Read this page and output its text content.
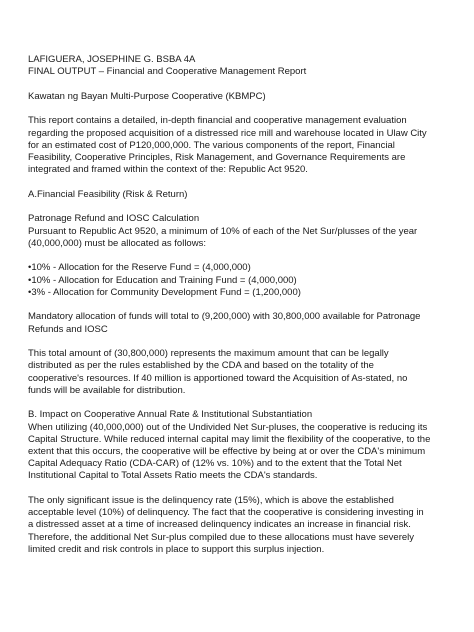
LAFIGUERA, JOSEPHINE G. BSBA 4A
FINAL OUTPUT – Financial and Cooperative Management Report
Kawatan ng Bayan Multi-Purpose Cooperative (KBMPC)
This report contains a detailed, in-depth financial and cooperative management evaluation
regarding the proposed acquisition of a distressed rice mill and warehouse located in Ulaw City
for an estimated cost of P120,000,000. The various components of the report, Financial
Feasibility, Cooperative Principles, Risk Management, and Governance Requirements are
integrated and framed within the context of the: Republic Act 9520.
A.Financial Feasibility (Risk & Return)
Patronage Refund and IOSC Calculation
Pursuant to Republic Act 9520, a minimum of 10% of each of the Net Sur/plusses of the year
(40,000,000) must be allocated as follows:
•10% - Allocation for the Reserve Fund = (4,000,000)
•10% - Allocation for Education and Training Fund = (4,000,000)
•3% - Allocation for Community Development Fund = (1,200,000)
Mandatory allocation of funds will total to (9,200,000) with 30,800,000 available for Patronage
Refunds and IOSC
This total amount of (30,800,000) represents the maximum amount that can be legally
distributed as per the rules established by the CDA and based on the totality of the
cooperative's resources. If 40 million is apportioned toward the Acquisition of As-stated, no
funds will be available for distribution.
B. Impact on Cooperative Annual Rate & Institutional Substantiation
When utilizing (40,000,000) out of the Undivided Net Sur-pluses, the cooperative is reducing its
Capital Structure. While reduced internal capital may limit the flexibility of the cooperative, to the
extent that this occurs, the cooperative will be effective by being at or over the CDA's minimum
Capital Adequacy Ratio (CDA-CAR) of (12% vs. 10%) and to the extent that the Total Net
Institutional Capital to Total Assets Ratio meets the CDA's standards.
The only significant issue is the delinquency rate (15%), which is above the established
acceptable level (10%) of delinquency. The fact that the cooperative is considering investing in
a distressed asset at a time of increased delinquency indicates an increase in financial risk.
Therefore, the additional Net Sur-plus compiled due to these allocations must have severely
limited credit and risk controls in place to support this surplus injection.
